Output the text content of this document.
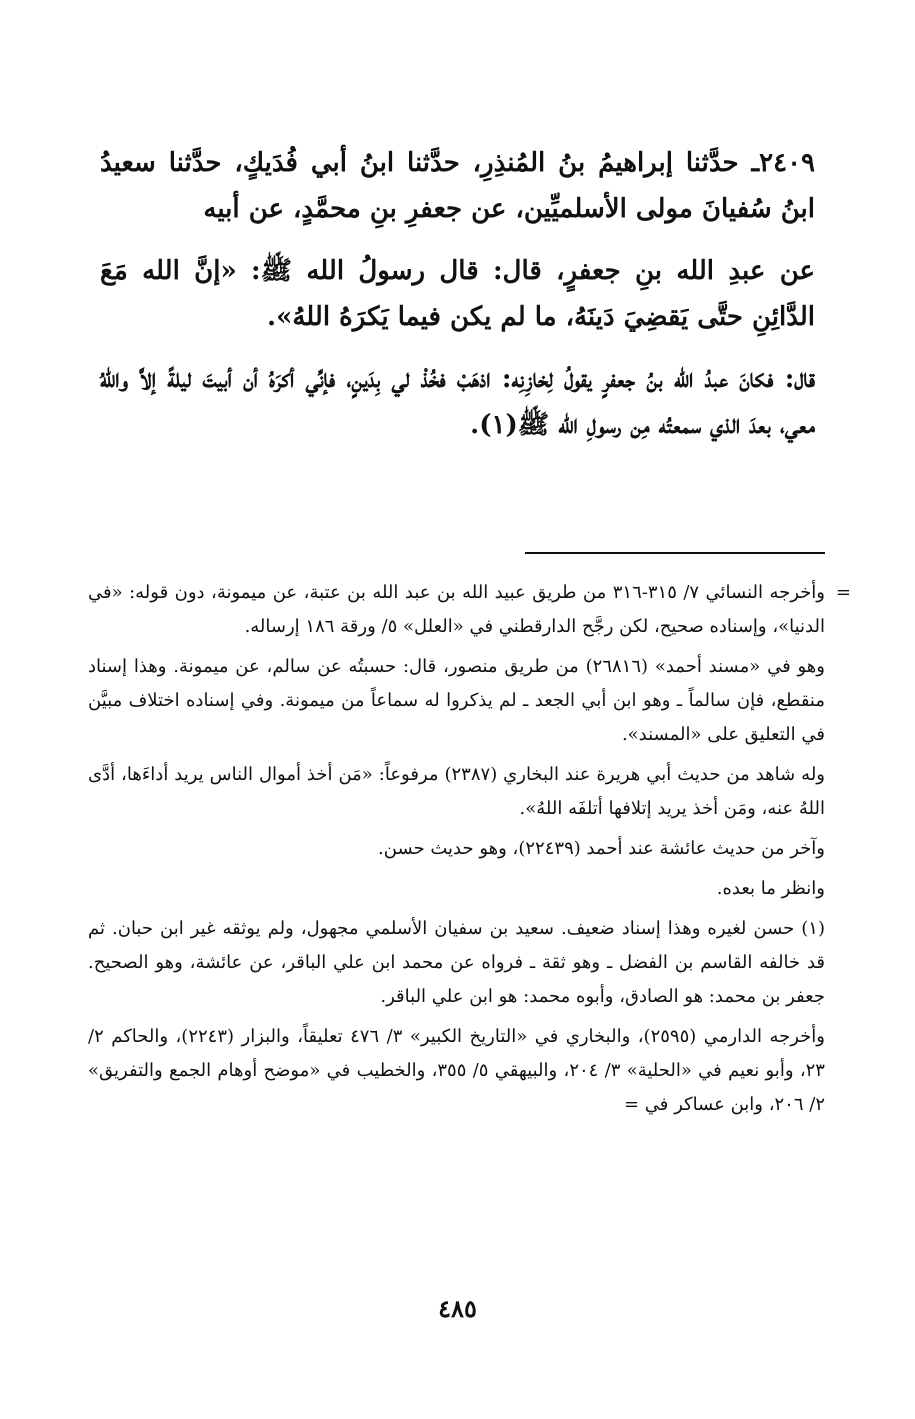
٢٤٠٩ـ حدَّثنا إبراهيمُ بنُ المُنذِرِ، حدَّثنا ابنُ أبي فُدَيكٍ، حدَّثنا سعيدُ ابنُ سُفيانَ مولى الأسلميِّين، عن جعفرِ بنِ محمَّدٍ، عن أبيه

عن عبدِ الله بنِ جعفرٍ، قال: قال رسولُ الله ﷺ: «إنَّ الله مَعَ الدَّائِنِ حتَّى يَقضِيَ دَينَهُ، ما لم يكن فيما يَكرَهُ اللهُ».

قال: فكانَ عبدُ الله بنُ جعفرٍ يقولُ لِخازِنِه: اذهَبْ فخُذْ لي بِدَينٍ، فإنِّي أكرَهُ أن أبيتَ ليلةً إلاَّ واللهُ معي، بعدَ الذي سمعتُه مِن رسولِ الله ﷺ(١).

=

وأخرجه النسائي ٧/ ٣١٥-٣١٦ من طريق عبيد الله بن عبد الله بن عتبة، عن ميمونة، دون قوله: «في الدنيا»، وإسناده صحيح، لكن رجَّح الدارقطني في «العلل» ٥/ ورقة ١٨٦ إرساله.

وهو في «مسند أحمد» (٢٦٨١٦) من طريق منصور، قال: حسبتُه عن سالم، عن ميمونة. وهذا إسناد منقطع، فإن سالماً ـ وهو ابن أبي الجعد ـ لم يذكروا له سماعاً من ميمونة. وفي إسناده اختلاف مبيَّن في التعليق على «المسند».

وله شاهد من حديث أبي هريرة عند البخاري (٢٣٨٧) مرفوعاً: «مَن أخذ أموال الناس يريد أداءَها، أدَّى اللهُ عنه، ومَن أخذ يريد إتلافها أتلفَه اللهُ».

وآخر من حديث عائشة عند أحمد (٢٢٤٣٩)، وهو حديث حسن.

وانظر ما بعده.

(١) حسن لغيره وهذا إسناد ضعيف. سعيد بن سفيان الأسلمي مجهول، ولم يوثقه غير ابن حبان. ثم قد خالفه القاسم بن الفضل ـ وهو ثقة ـ فرواه عن محمد ابن علي الباقر، عن عائشة، وهو الصحيح. جعفر بن محمد: هو الصادق، وأبوه محمد: هو ابن علي الباقر.

وأخرجه الدارمي (٢٥٩٥)، والبخاري في «التاريخ الكبير» ٣/ ٤٧٦ تعليقاً، والبزار (٢٢٤٣)، والحاكم ٢/ ٢٣، وأبو نعيم في «الحلية» ٣/ ٢٠٤، والبيهقي ٥/ ٣٥٥، والخطيب في «موضح أوهام الجمع والتفريق» ٢/ ٢٠٦، وابن عساكر في =

٤٨٥
